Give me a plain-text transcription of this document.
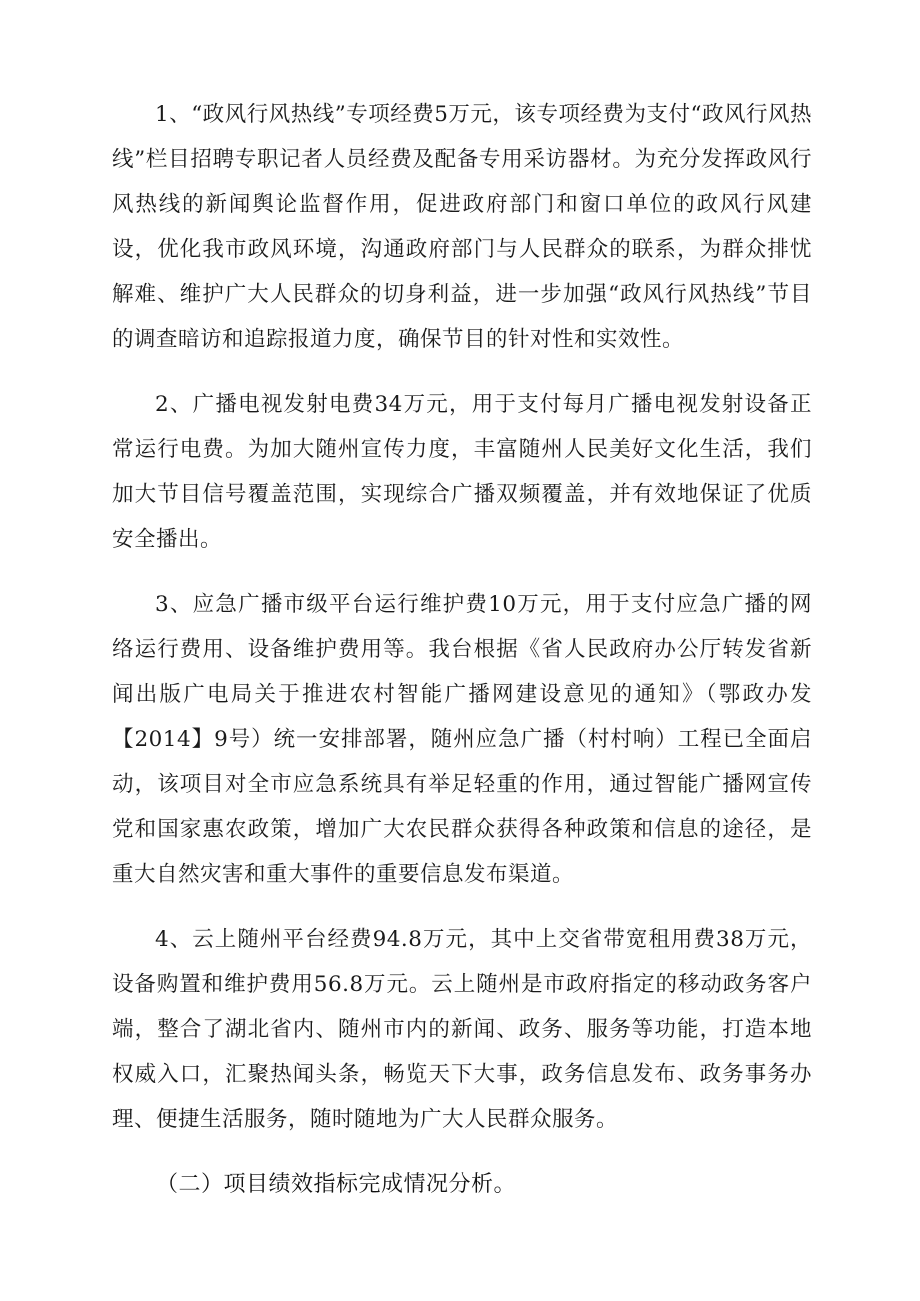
1、“政风行风热线”专项经费5万元，该专项经费为支付“政风行风热线”栏目招聘专职记者人员经费及配备专用采访器材。为充分发挥政风行风热线的新闻舆论监督作用，促进政府部门和窗口单位的政风行风建设，优化我市政风环境，沟通政府部门与人民群众的联系，为群众排忧解难、维护广大人民群众的切身利益，进一步加强“政风行风热线”节目的调查暗访和追踪报道力度，确保节目的针对性和实效性。

2、广播电视发射电费34万元，用于支付每月广播电视发射设备正常运行电费。为加大随州宣传力度，丰富随州人民美好文化生活，我们加大节目信号覆盖范围，实现综合广播双频覆盖，并有效地保证了优质安全播出。

3、应急广播市级平台运行维护费10万元，用于支付应急广播的网络运行费用、设备维护费用等。我台根据《省人民政府办公厅转发省新闻出版广电局关于推进农村智能广播网建设意见的通知》（鄂政办发【2014】9号）统一安排部署，随州应急广播（村村响）工程已全面启动，该项目对全市应急系统具有举足轻重的作用，通过智能广播网宣传党和国家惠农政策，增加广大农民群众获得各种政策和信息的途径，是重大自然灾害和重大事件的重要信息发布渠道。

4、云上随州平台经费94.8万元，其中上交省带宽租用费38万元，设备购置和维护费用56.8万元。云上随州是市政府指定的移动政务客户端，整合了湖北省内、随州市内的新闻、政务、服务等功能，打造本地权威入口，汇聚热闻头条，畅览天下大事，政务信息发布、政务事务办理、便捷生活服务，随时随地为广大人民群众服务。

（二）项目绩效指标完成情况分析。
